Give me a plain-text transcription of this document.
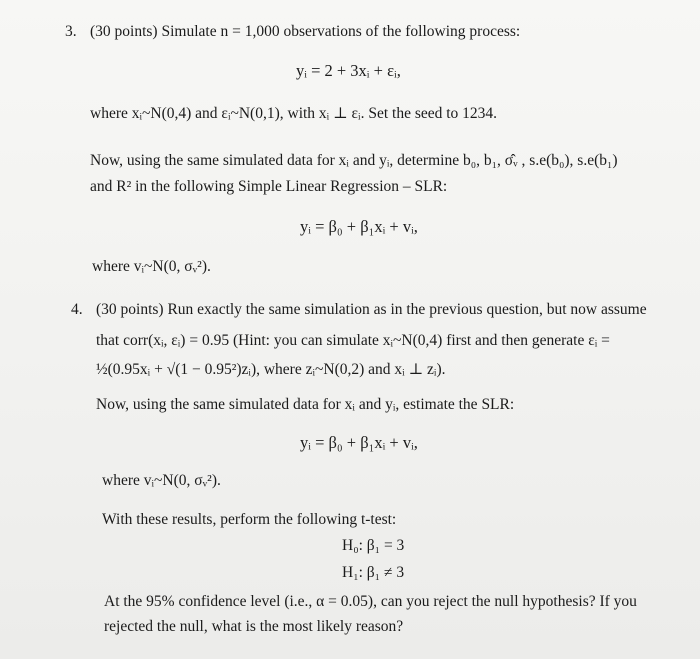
3. (30 points) Simulate n = 1,000 observations of the following process:
yᵢ = 2 + 3xᵢ + εᵢ,
where xᵢ~N(0,4) and εᵢ~N(0,1), with xᵢ ⊥ εᵢ. Set the seed to 1234.
Now, using the same simulated data for xᵢ and yᵢ, determine b₀, b₁, σ̂ᵥ , s.e(b₀), s.e(b₁)
and R² in the following Simple Linear Regression – SLR:
yᵢ = β₀ + β₁xᵢ + vᵢ,
where vᵢ~N(0, σᵥ²).
4. (30 points) Run exactly the same simulation as in the previous question, but now assume
that corr(xᵢ, εᵢ) = 0.95 (Hint: you can simulate xᵢ~N(0,4) first and then generate εᵢ =
½(0.95xᵢ + √(1 − 0.95²)zᵢ), where zᵢ~N(0,2) and xᵢ ⊥ zᵢ).
Now, using the same simulated data for xᵢ and yᵢ, estimate the SLR:
yᵢ = β₀ + β₁xᵢ + vᵢ,
where vᵢ~N(0, σᵥ²).
With these results, perform the following t-test:
H₀: β₁ = 3
H₁: β₁ ≠ 3
At the 95% confidence level (i.e., α = 0.05), can you reject the null hypothesis? If you
rejected the null, what is the most likely reason?
